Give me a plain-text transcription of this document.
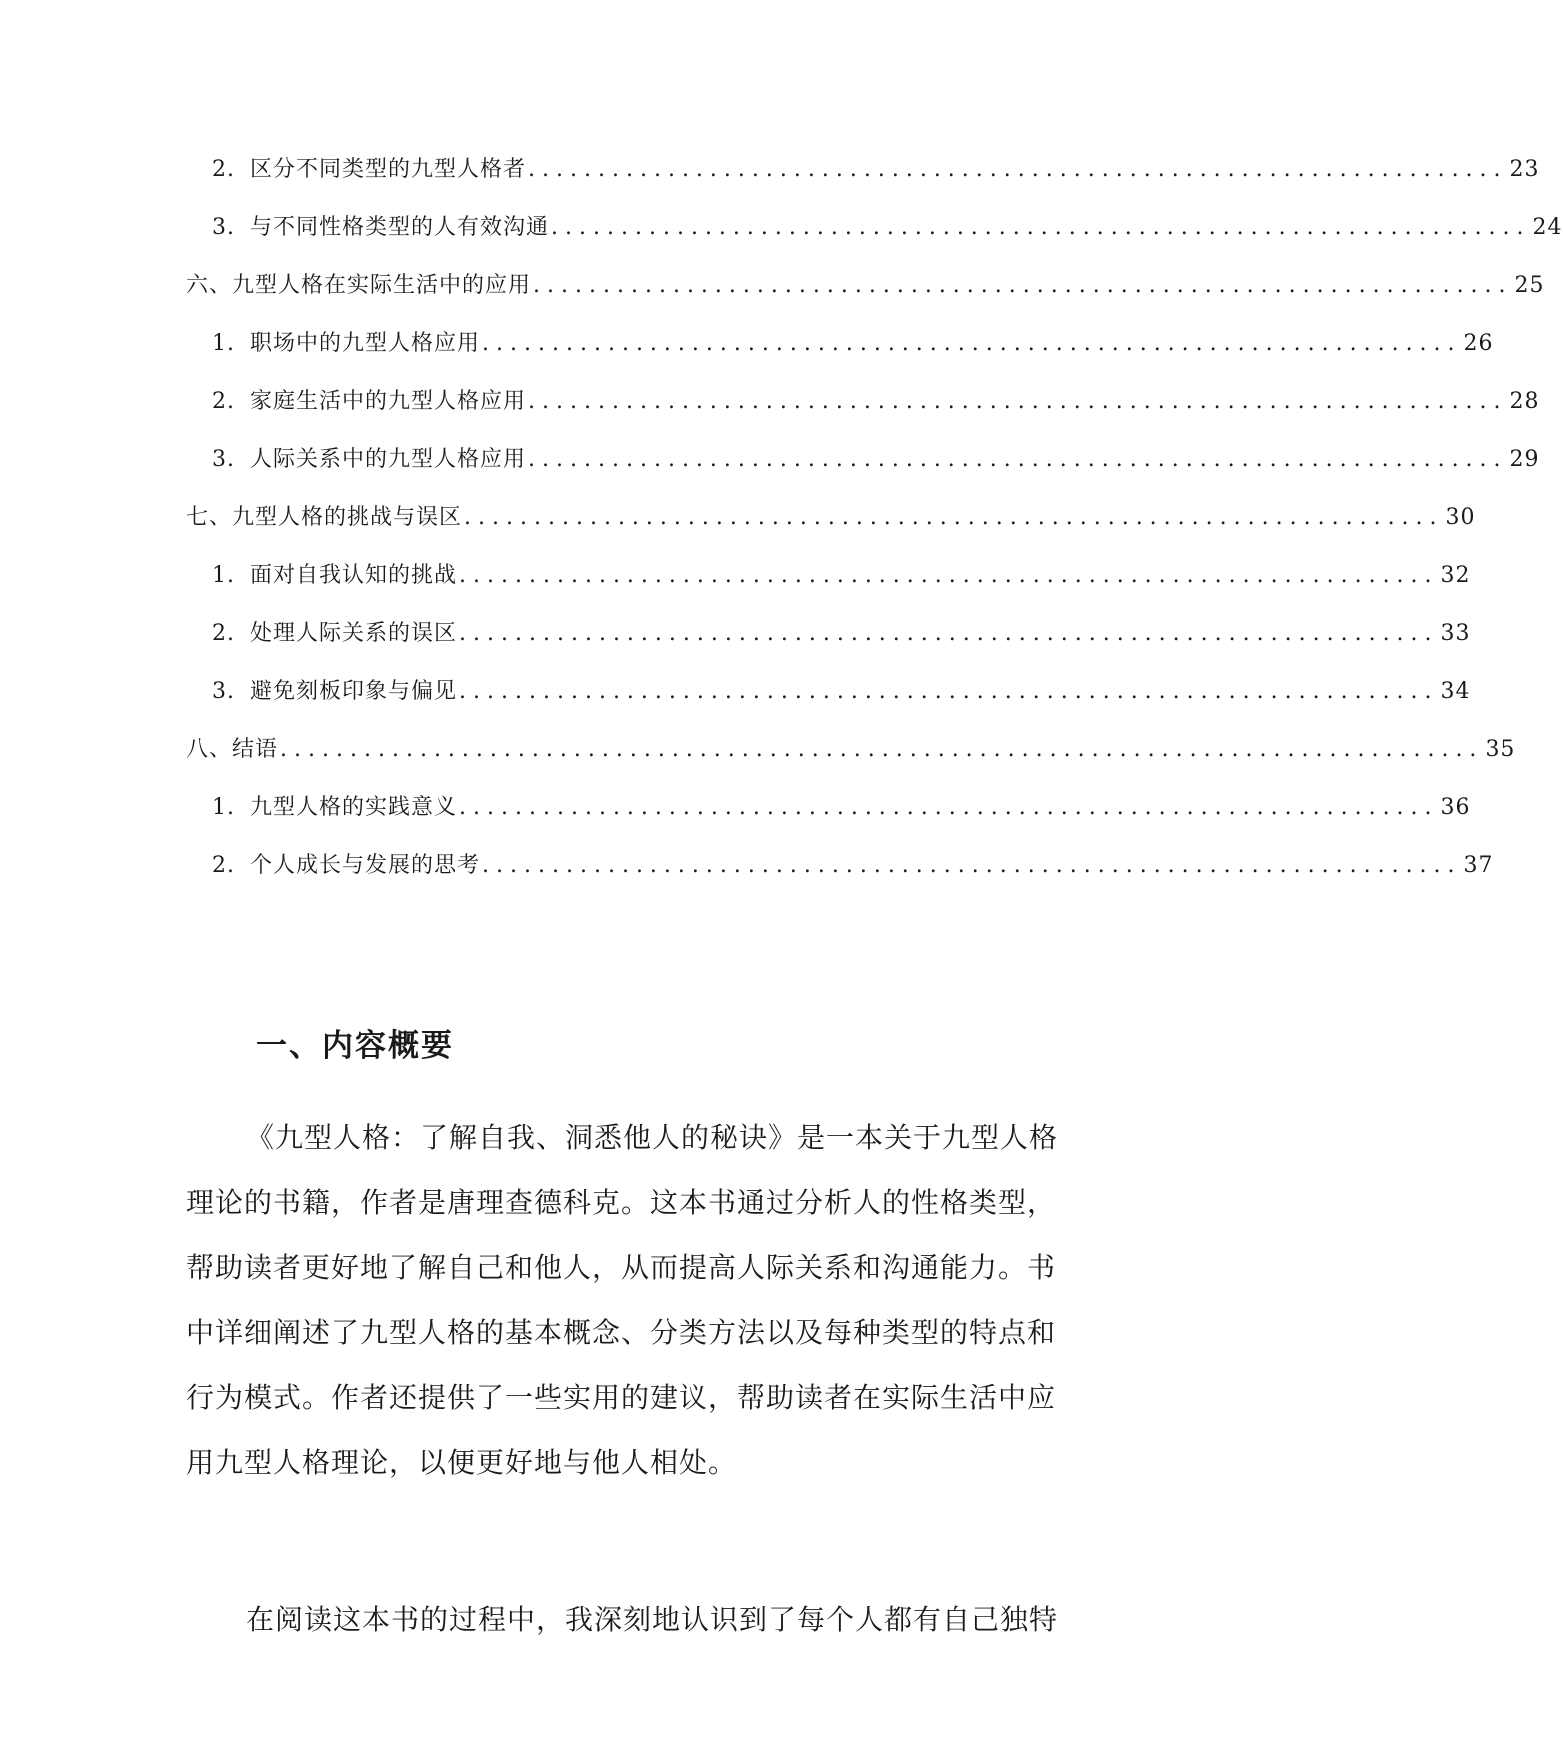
2. 区分不同类型的九型人格者 ...................................................................... 23
3. 与不同性格类型的人有效沟通 ...................................................................... 24
六、九型人格在实际生活中的应用 ...................................................................... 25
1. 职场中的九型人格应用 ...................................................................... 26
2. 家庭生活中的九型人格应用 ...................................................................... 28
3. 人际关系中的九型人格应用 ...................................................................... 29
七、九型人格的挑战与误区 ...................................................................... 30
1. 面对自我认知的挑战 ...................................................................... 32
2. 处理人际关系的误区 ...................................................................... 33
3. 避免刻板印象与偏见 ...................................................................... 34
八、结语 ...................................................................................... 35
1. 九型人格的实践意义 ...................................................................... 36
2. 个人成长与发展的思考 ...................................................................... 37
一、内容概要

《九型人格：了解自我、洞悉他人的秘诀》是一本关于九型人格理论的书籍，作者是唐理查德科克。这本书通过分析人的性格类型，帮助读者更好地了解自己和他人，从而提高人际关系和沟通能力。书中详细阐述了九型人格的基本概念、分类方法以及每种类型的特点和行为模式。作者还提供了一些实用的建议，帮助读者在实际生活中应用九型人格理论，以便更好地与他人相处。

在阅读这本书的过程中，我深刻地认识到了每个人都有自己独特
